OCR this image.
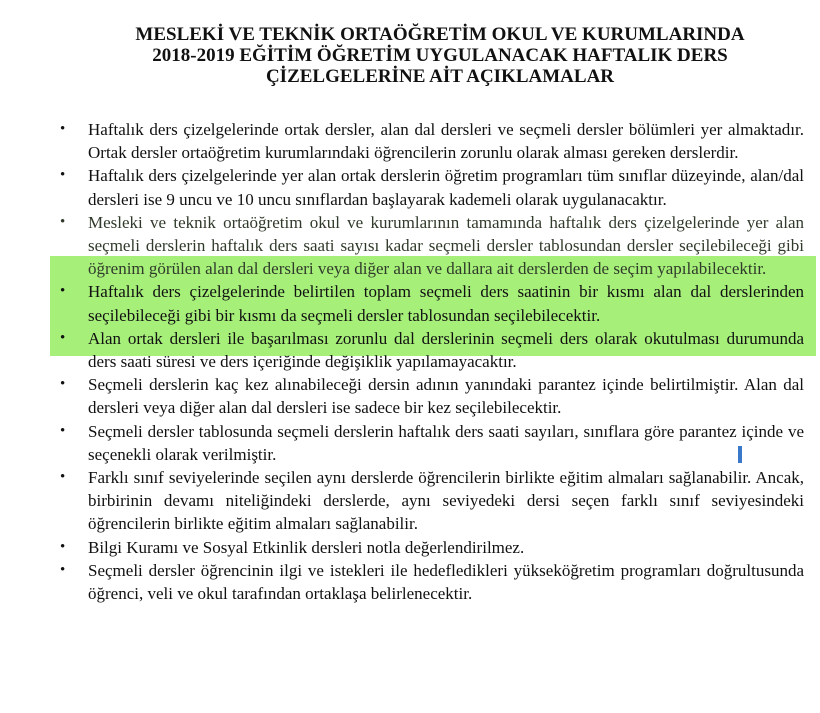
MESLEKİ VE TEKNİK ORTAÖĞRETİM OKUL VE KURUMLARINDA
2018-2019 EĞİTİM ÖĞRETİM UYGULANACAK HAFTALIK DERS
ÇİZELGELERİNE AİT AÇIKLAMALAR
• Haftalık ders çizelgelerinde ortak dersler, alan dal dersleri ve seçmeli dersler bölümleri yer almaktadır. Ortak dersler ortaöğretim kurumlarındaki öğrencilerin zorunlu olarak alması gereken derslerdir.
• Haftalık ders çizelgelerinde yer alan ortak derslerin öğretim programları tüm sınıflar düzeyinde, alan/dal dersleri ise 9 uncu ve 10 uncu sınıflardan başlayarak kademeli olarak uygulanacaktır.
• Mesleki ve teknik ortaöğretim okul ve kurumlarının tamamında haftalık ders çizelgelerinde yer alan seçmeli derslerin haftalık ders saati sayısı kadar seçmeli dersler tablosundan dersler seçilebileceği gibi öğrenim görülen alan dal dersleri veya diğer alan ve dallara ait derslerden de seçim yapılabilecektir.
• Haftalık ders çizelgelerinde belirtilen toplam seçmeli ders saatinin bir kısmı alan dal derslerinden seçilebileceği gibi bir kısmı da seçmeli dersler tablosundan seçilebilecektir.
• Alan ortak dersleri ile başarılması zorunlu dal derslerinin seçmeli ders olarak okutulması durumunda ders saati süresi ve ders içeriğinde değişiklik yapılamayacaktır.
• Seçmeli derslerin kaç kez alınabileceği dersin adının yanındaki parantez içinde belirtilmiştir. Alan dal dersleri veya diğer alan dal dersleri ise sadece bir kez seçilebilecektir.
• Seçmeli dersler tablosunda seçmeli derslerin haftalık ders saati sayıları, sınıflara göre parantez içinde ve seçenekli olarak verilmiştir.
• Farklı sınıf seviyelerinde seçilen aynı derslerde öğrencilerin birlikte eğitim almaları sağlanabilir. Ancak, birbirinin devamı niteliğindeki derslerde, aynı seviyedeki dersi seçen farklı sınıf seviyesindeki öğrencilerin birlikte eğitim almaları sağlanabilir.
• Bilgi Kuramı ve Sosyal Etkinlik dersleri notla değerlendirilmez.
• Seçmeli dersler öğrencinin ilgi ve istekleri ile hedefledikleri yükseköğretim programları doğrultusunda öğrenci, veli ve okul tarafından ortaklaşa belirlenecektir.
